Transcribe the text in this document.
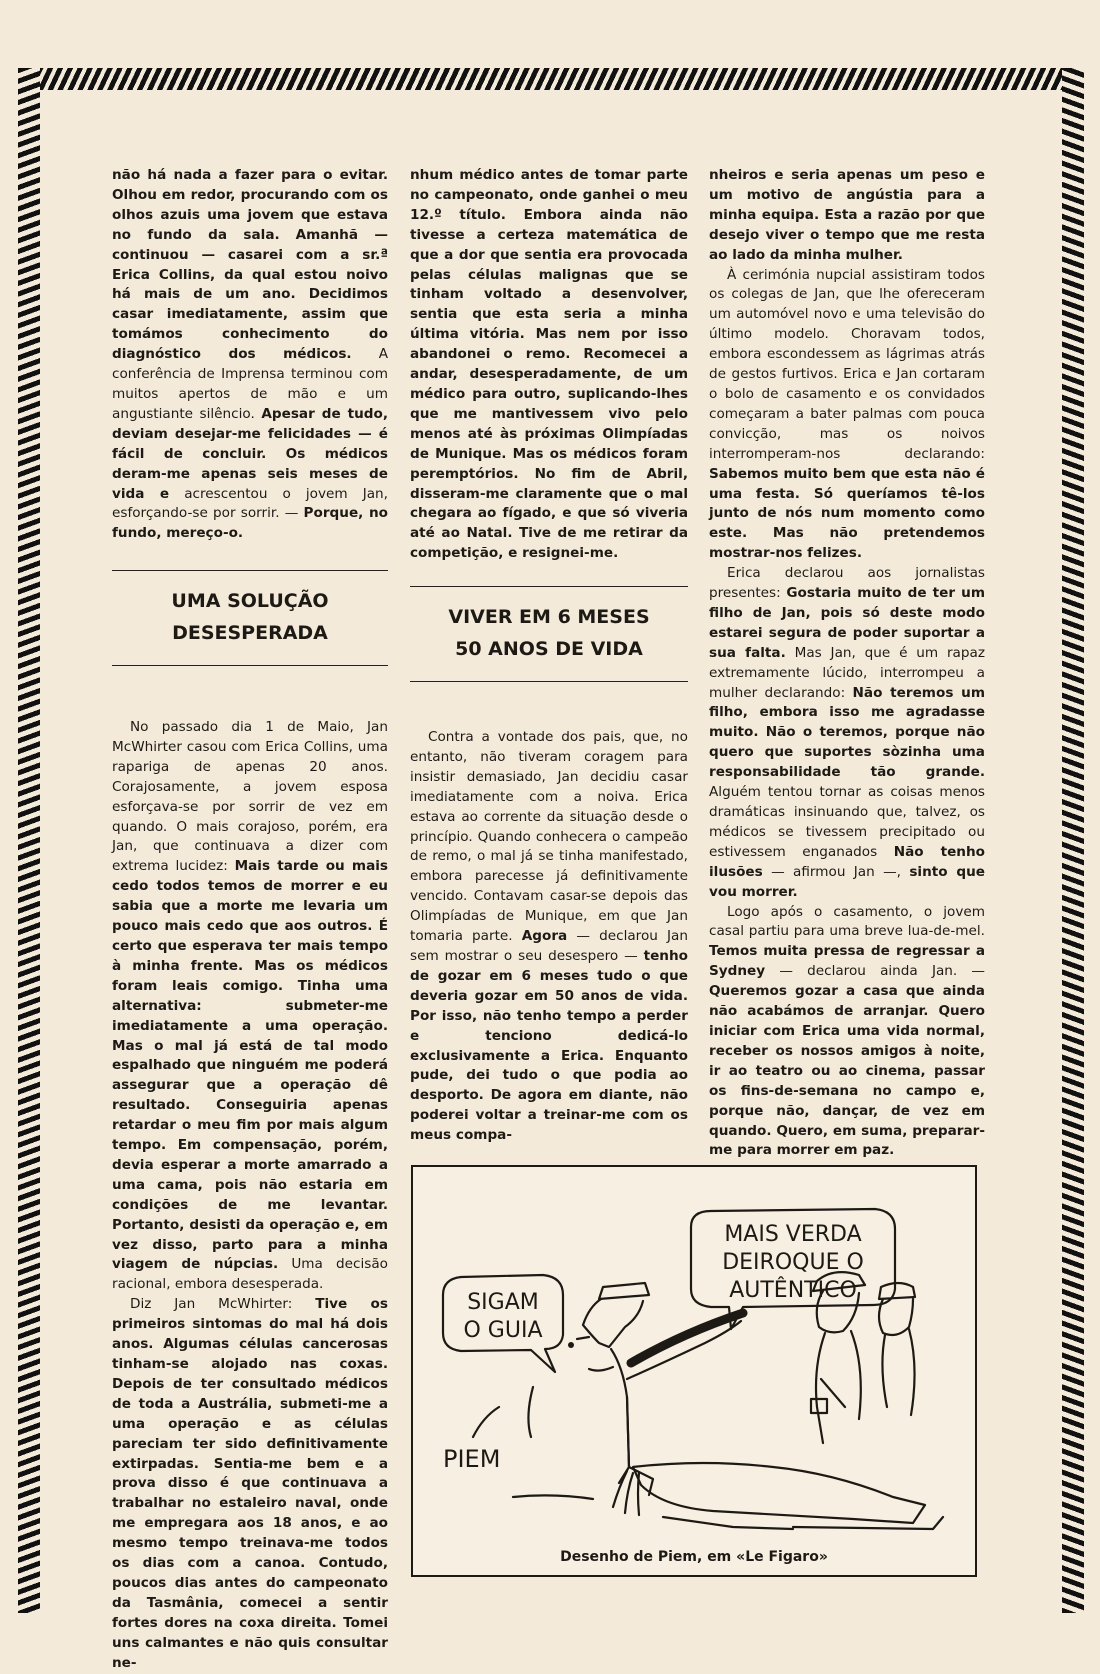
não há nada a fazer para o evitar. Olhou em redor, procurando com os olhos azuis uma jovem que estava no fundo da sala. Amanhã — continuou — casarei com a sr.ª Erica Collins, da qual estou noivo há mais de um ano. Decidimos casar imediatamente, assim que tomámos conhecimento do diagnóstico dos médicos. A conferência de Imprensa terminou com muitos apertos de mão e um angustiante silêncio. Apesar de tudo, deviam desejar-me felicidades — é fácil de concluir. Os médicos deram-me apenas seis meses de vida e acrescentou o jovem Jan, esforçando-se por sorrir. — Porque, no fundo, mereço-o.

UMA SOLUÇÃO
DESESPERADA

No passado dia 1 de Maio, Jan McWhirter casou com Erica Collins, uma rapariga de apenas 20 anos. Corajosamente, a jovem esposa esforçava-se por sorrir de vez em quando. O mais corajoso, porém, era Jan, que continuava a dizer com extrema lucidez: Mais tarde ou mais cedo todos temos de morrer e eu sabia que a morte me levaria um pouco mais cedo que aos outros. É certo que esperava ter mais tempo à minha frente. Mas os médicos foram leais comigo. Tinha uma alternativa: submeter-me imediatamente a uma operação. Mas o mal já está de tal modo espalhado que ninguém me poderá assegurar que a operação dê resultado. Conseguiria apenas retardar o meu fim por mais algum tempo. Em compensação, porém, devia esperar a morte amarrado a uma cama, pois não estaria em condições de me levantar. Portanto, desisti da operação e, em vez disso, parto para a minha viagem de núpcias. Uma decisão racional, embora desesperada.

Diz Jan McWhirter: Tive os primeiros sintomas do mal há dois anos. Algumas células cancerosas tinham-se alojado nas coxas. Depois de ter consultado médicos de toda a Austrália, submeti-me a uma operação e as células pareciam ter sido definitivamente extirpadas. Sentia-me bem e a prova disso é que continuava a trabalhar no estaleiro naval, onde me empregara aos 18 anos, e ao mesmo tempo treinava-me todos os dias com a canoa. Contudo, poucos dias antes do campeonato da Tasmânia, comecei a sentir fortes dores na coxa direita. Tomei uns calmantes e não quis consultar ne-

nhum médico antes de tomar parte no campeonato, onde ganhei o meu 12.º título. Embora ainda não tivesse a certeza matemática de que a dor que sentia era provocada pelas células malignas que se tinham voltado a desenvolver, sentia que esta seria a minha última vitória. Mas nem por isso abandonei o remo. Recomecei a andar, desesperadamente, de um médico para outro, suplicando-lhes que me mantivessem vivo pelo menos até às próximas Olimpíadas de Munique. Mas os médicos foram peremptórios. No fim de Abril, disseram-me claramente que o mal chegara ao fígado, e que só viveria até ao Natal. Tive de me retirar da competição, e resignei-me.

VIVER EM 6 MESES
50 ANOS DE VIDA

Contra a vontade dos pais, que, no entanto, não tiveram coragem para insistir demasiado, Jan decidiu casar imediatamente com a noiva. Erica estava ao corrente da situação desde o princípio. Quando conhecera o campeão de remo, o mal já se tinha manifestado, embora parecesse já definitivamente vencido. Contavam casar-se depois das Olimpíadas de Munique, em que Jan tomaria parte. Agora — declarou Jan sem mostrar o seu desespero — tenho de gozar em 6 meses tudo o que deveria gozar em 50 anos de vida. Por isso, não tenho tempo a perder e tenciono dedicá-lo exclusivamente a Erica. Enquanto pude, dei tudo o que podia ao desporto. De agora em diante, não poderei voltar a treinar-me com os meus compa-

nheiros e seria apenas um peso e um motivo de angústia para a minha equipa. Esta a razão por que desejo viver o tempo que me resta ao lado da minha mulher.

À cerimónia nupcial assistiram todos os colegas de Jan, que lhe ofereceram um automóvel novo e uma televisão do último modelo. Choravam todos, embora escondessem as lágrimas atrás de gestos furtivos. Erica e Jan cortaram o bolo de casamento e os convidados começaram a bater palmas com pouca convicção, mas os noivos interromperam-nos declarando: Sabemos muito bem que esta não é uma festa. Só queríamos tê-los junto de nós num momento como este. Mas não pretendemos mostrar-nos felizes.

Erica declarou aos jornalistas presentes: Gostaria muito de ter um filho de Jan, pois só deste modo estarei segura de poder suportar a sua falta. Mas Jan, que é um rapaz extremamente lúcido, interrompeu a mulher declarando: Não teremos um filho, embora isso me agradasse muito. Não o teremos, porque não quero que suportes sòzinha uma responsabilidade tão grande. Alguém tentou tornar as coisas menos dramáticas insinuando que, talvez, os médicos se tivessem precipitado ou estivessem enganados Não tenho ilusões — afirmou Jan —, sinto que vou morrer.

Logo após o casamento, o jovem casal partiu para uma breve lua-de-mel. Temos muita pressa de regressar a Sydney — declarou ainda Jan. — Queremos gozar a casa que ainda não acabámos de arranjar. Quero iniciar com Erica uma vida normal, receber os nossos amigos à noite, ir ao teatro ou ao cinema, passar os fins-de-semana no campo e, porque não, dançar, de vez em quando. Quero, em suma, preparar-me para morrer em paz.

SIGAM
O GUIA
MAIS VERDA
DEIROQUE O
AUTÊNTICO
PIEM
Desenho de Piem, em «Le Figaro»
